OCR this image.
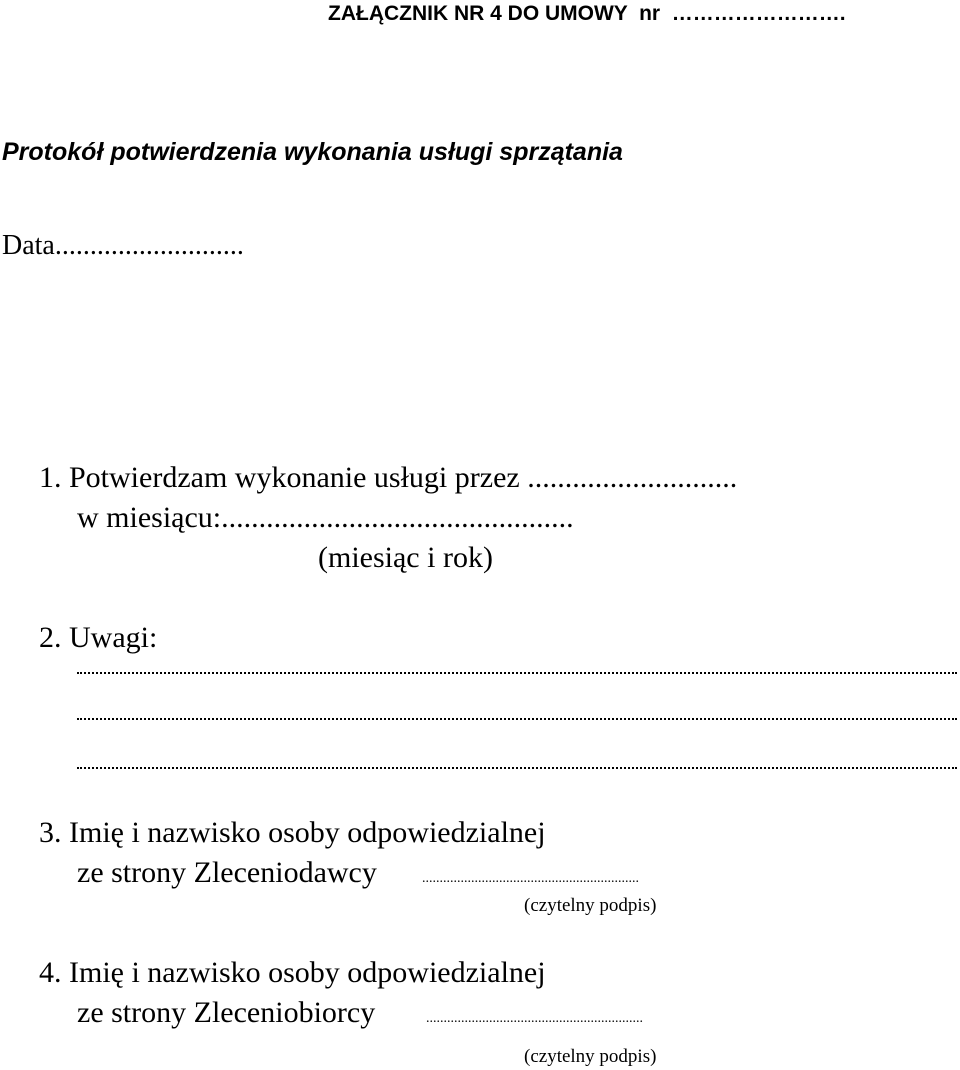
ZAŁĄCZNIK NR 4 DO UMOWY  nr  …………………….
Protokół potwierdzenia wykonania usługi sprzątania
Data...........................
1. Potwierdzam wykonanie usługi przez ............................
w miesiącu:...............................................
(miesiąc i rok)
2. Uwagi:
3. Imię i nazwisko osoby odpowiedzialnej
ze strony Zleceniodawcy	..............................................................
(czytelny podpis)
4. Imię i nazwisko osoby odpowiedzialnej
ze strony Zleceniobiorcy	..............................................................
(czytelny podpis)
